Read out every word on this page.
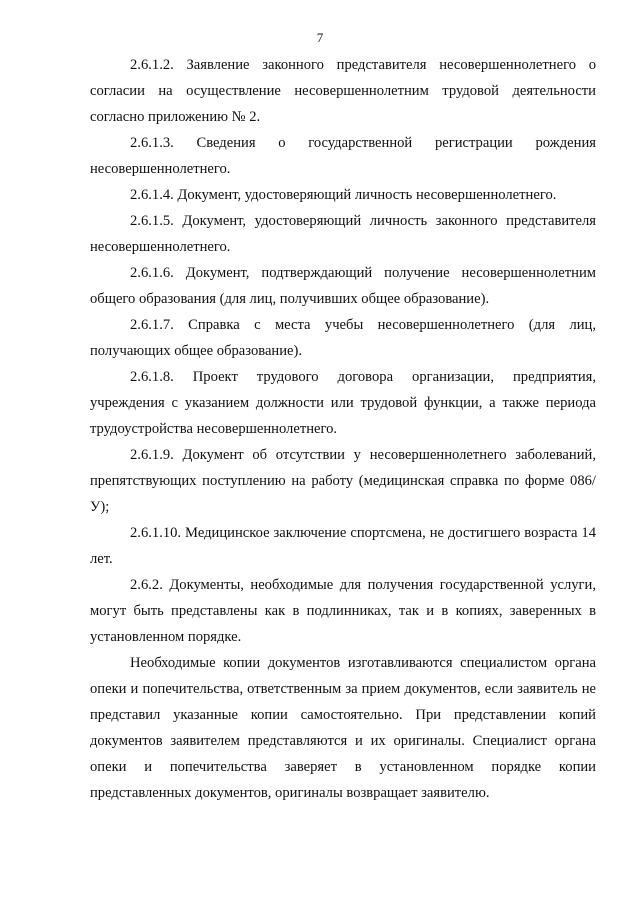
7

2.6.1.2. Заявление законного представителя несовершеннолетнего о согласии на осуществление несовершеннолетним трудовой деятельности согласно приложению № 2.

2.6.1.3. Сведения о государственной регистрации рождения несовершеннолетнего.

2.6.1.4. Документ, удостоверяющий личность несовершеннолетнего.

2.6.1.5. Документ, удостоверяющий личность законного представителя несовершеннолетнего.

2.6.1.6. Документ, подтверждающий получение несовершеннолетним общего образования (для лиц, получивших общее образование).

2.6.1.7. Справка с места учебы несовершеннолетнего (для лиц, получающих общее образование).

2.6.1.8. Проект трудового договора организации, предприятия, учреждения с указанием должности или трудовой функции, а также периода трудоустройства несовершеннолетнего.

2.6.1.9. Документ об отсутствии у несовершеннолетнего заболеваний, препятствующих поступлению на работу (медицинская справка по форме 086/У);

2.6.1.10. Медицинское заключение спортсмена, не достигшего возраста 14 лет.

2.6.2. Документы, необходимые для получения государственной услуги, могут быть представлены как в подлинниках, так и в копиях, заверенных в установленном порядке.

Необходимые копии документов изготавливаются специалистом органа опеки и попечительства, ответственным за прием документов, если заявитель не представил указанные копии самостоятельно. При представлении копий документов заявителем представляются и их оригиналы. Специалист органа опеки и попечительства заверяет в установленном порядке копии представленных документов, оригиналы возвращает заявителю.
